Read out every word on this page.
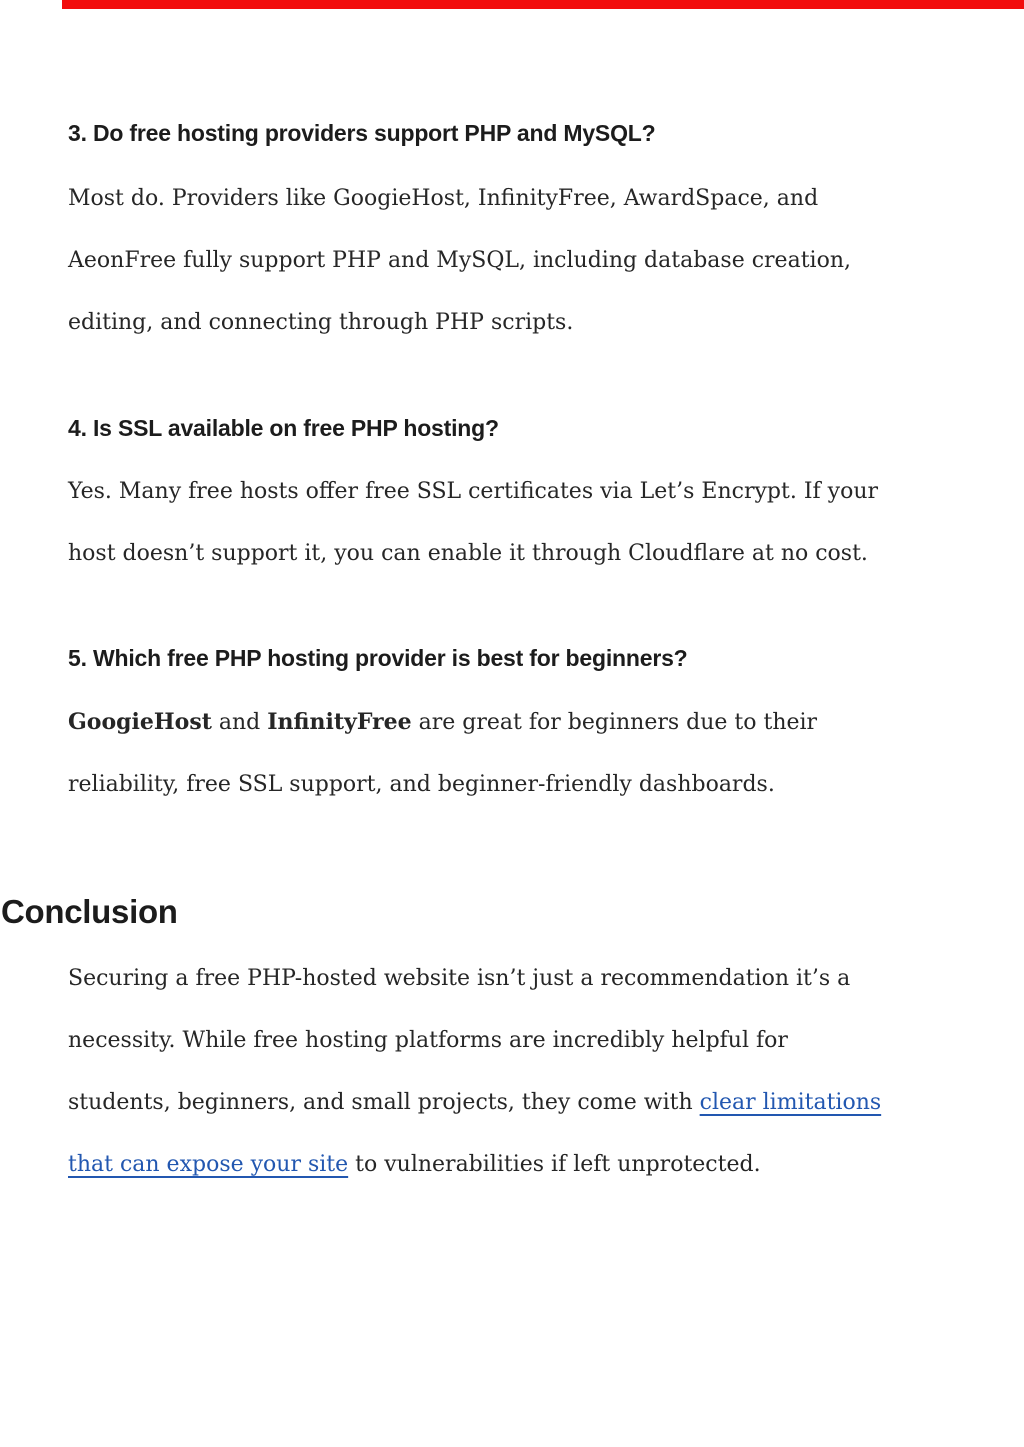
3. Do free hosting providers support PHP and MySQL?
Most do. Providers like GoogieHost, InfinityFree, AwardSpace, and
AeonFree fully support PHP and MySQL, including database creation,
editing, and connecting through PHP scripts.
4. Is SSL available on free PHP hosting?
Yes. Many free hosts offer free SSL certificates via Let’s Encrypt. If your
host doesn’t support it, you can enable it through Cloudflare at no cost.
5. Which free PHP hosting provider is best for beginners?
GoogieHost and InfinityFree are great for beginners due to their
reliability, free SSL support, and beginner-friendly dashboards.
Conclusion
Securing a free PHP-hosted website isn’t just a recommendation it’s a
necessity. While free hosting platforms are incredibly helpful for
students, beginners, and small projects, they come with clear limitations
that can expose your site to vulnerabilities if left unprotected.
